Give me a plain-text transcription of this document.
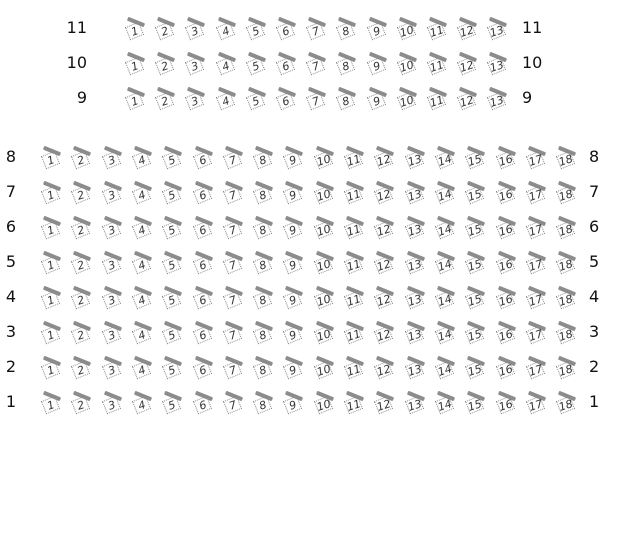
11	1	2	3	4	5	6	7	8	9	10	11	12	13 11
10	1	2	3	4	5	6	7	8	9	10	11	12	13 10
9	1	2	3	4	5	6	7	8	9	10	11	12	13 9
8	1	2	3	4	5	6	7	8	9	10	11	12	13	14	15	16	17	18 8
7	1	2	3	4	5	6	7	8	9	10	11	12	13	14	15	16	17	18 7
6	1	2	3	4	5	6	7	8	9	10	11	12	13	14	15	16	17	18 6
5	1	2	3	4	5	6	7	8	9	10	11	12	13	14	15	16	17	18 5
4	1	2	3	4	5	6	7	8	9	10	11	12	13	14	15	16	17	18 4
3	1	2	3	4	5	6	7	8	9	10	11	12	13	14	15	16	17	18 3
2	1	2	3	4	5	6	7	8	9	10	11	12	13	14	15	16	17	18 2
1	1	2	3	4	5	6	7	8	9	10	11	12	13	14	15	16	17	18 1
